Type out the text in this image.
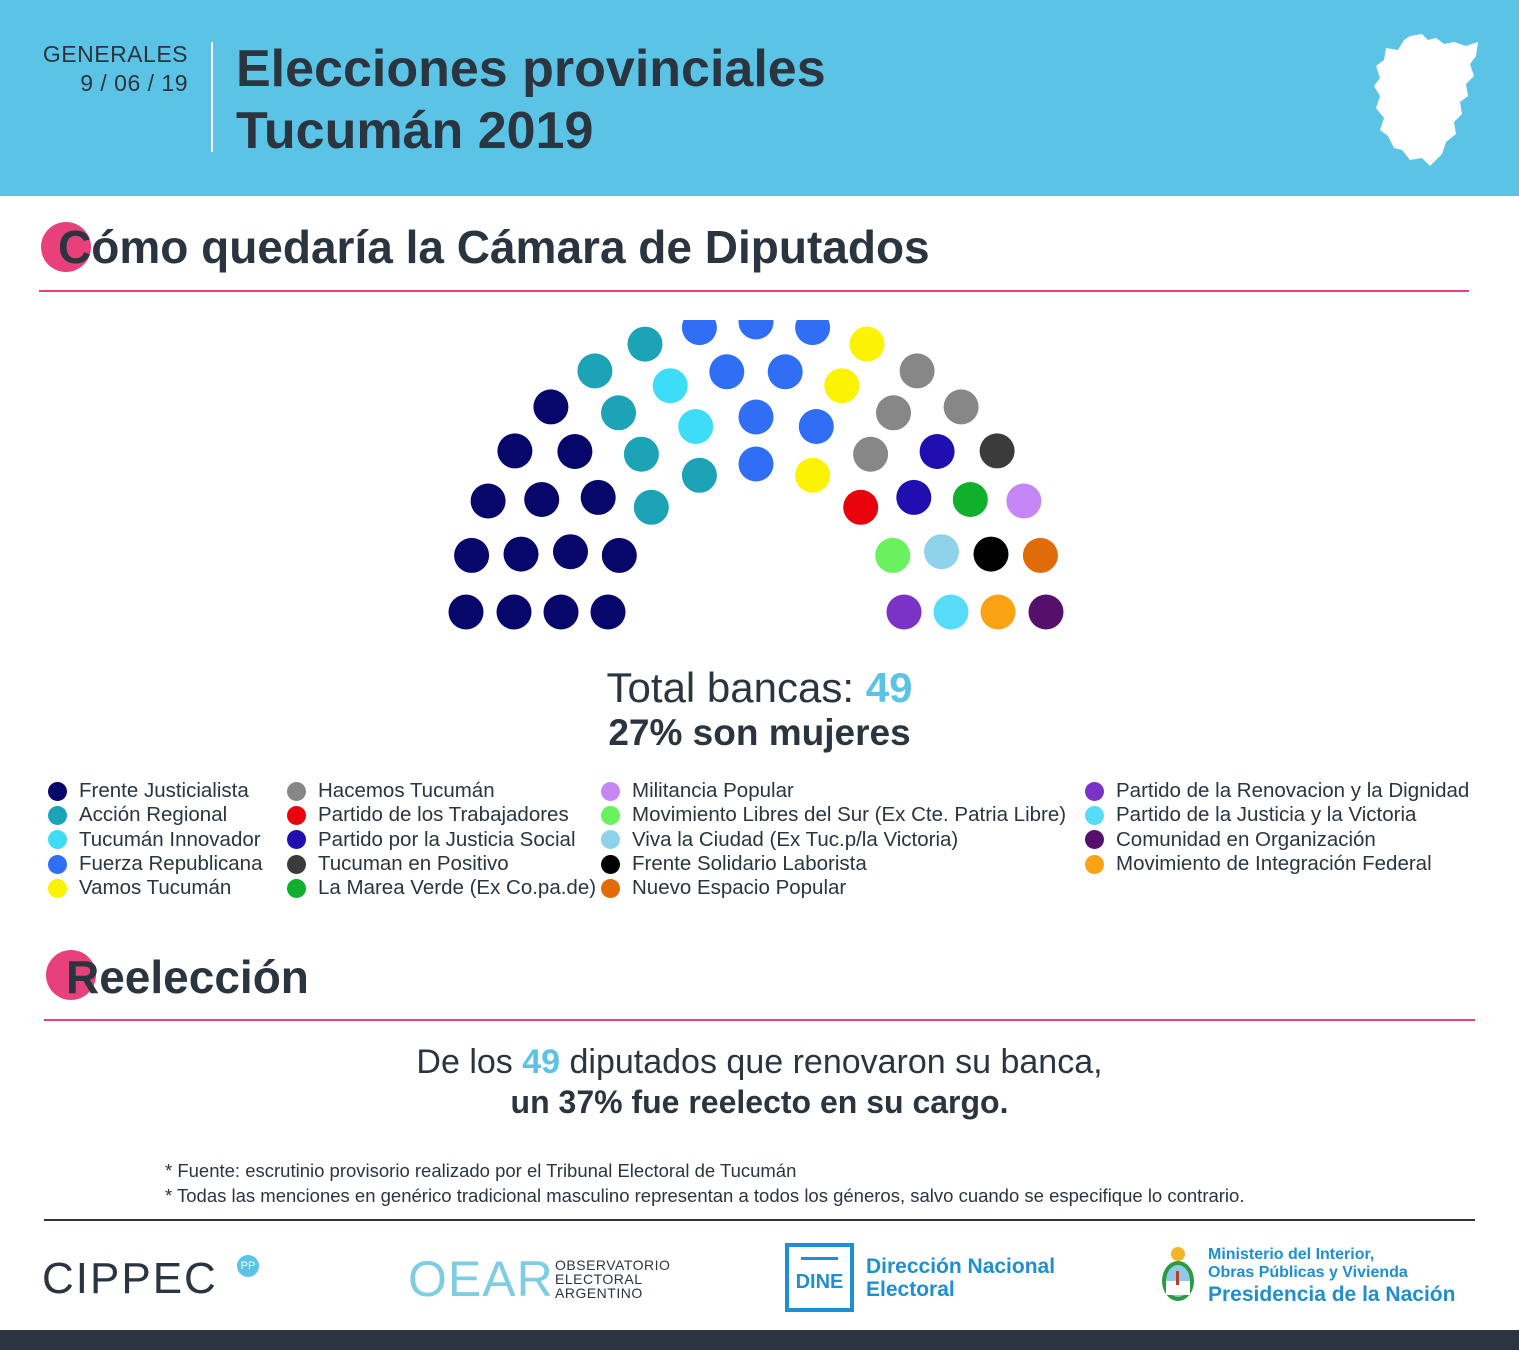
GENERALES
9 / 06 / 19 Elecciones provinciales
Tucumán 2019
Cómo quedaría la Cámara de Diputados
Total bancas: 49
27% son mujeres
Frente Justicialista
Acción Regional
Tucumán Innovador
Fuerza Republicana
Vamos Tucumán
Hacemos Tucumán
Partido de los Trabajadores
Partido por la Justicia Social
Tucuman en Positivo
La Marea Verde (Ex Co.pa.de)
Militancia Popular
Movimiento Libres del Sur (Ex Cte. Patria Libre)
Viva la Ciudad (Ex Tuc.p/la Victoria)
Frente Solidario Laborista
Nuevo Espacio Popular
Partido de la Renovacion y la Dignidad
Partido de la Justicia y la Victoria
Comunidad en Organización
Movimiento de Integración Federal
Reelección
De los 49 diputados que renovaron su banca,
un 37% fue reelecto en su cargo.
* Fuente: escrutinio provisorio realizado por el Tribunal Electoral de Tucumán
* Todas las menciones en genérico tradicional masculino representan a todos los géneros, salvo cuando se especifique lo contrario.
CIPPEC	PP	OEAR OBSERVATORIO
ELECTORAL
ARGENTINO	DINE
Dirección Nacional
Electoral
Ministerio del Interior,
Obras Públicas y Vivienda
Presidencia de la Nación
